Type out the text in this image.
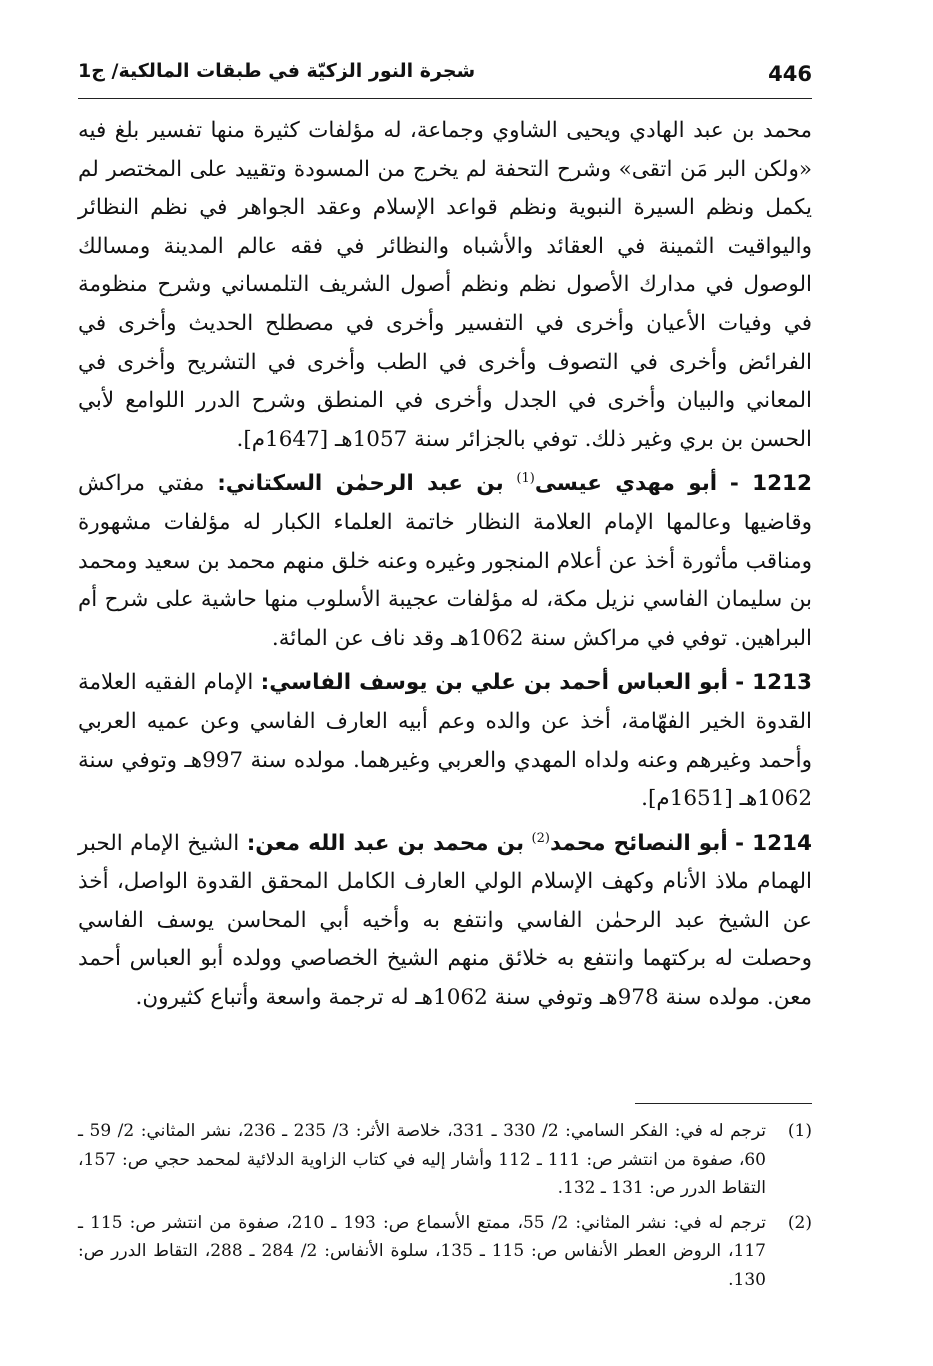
446
شجرة النور الزكيّة في طبقات المالكية/ ج1

محمد بن عبد الهادي ويحيى الشاوي وجماعة، له مؤلفات كثيرة منها تفسير بلغ فيه «ولكن البر مَن اتقى» وشرح التحفة لم يخرج من المسودة وتقييد على المختصر لم يكمل ونظم السيرة النبوية ونظم قواعد الإسلام وعقد الجواهر في نظم النظائر واليواقيت الثمينة في العقائد والأشباه والنظائر في فقه عالم المدينة ومسالك الوصول في مدارك الأصول نظم ونظم أصول الشريف التلمساني وشرح منظومة في وفيات الأعيان وأخرى في التفسير وأخرى في مصطلح الحديث وأخرى في الفرائض وأخرى في التصوف وأخرى في الطب وأخرى في التشريح وأخرى في المعاني والبيان وأخرى في الجدل وأخرى في المنطق وشرح الدرر اللوامع لأبي الحسن بن بري وغير ذلك. توفي بالجزائر سنة 1057هـ [1647م].

1212 - أبو مهدي عيسى$^{(1)}$ بن عبد الرحمٰن السكتاني: مفتي مراكش وقاضيها وعالمها الإمام العلامة النظار خاتمة العلماء الكبار له مؤلفات مشهورة ومناقب مأثورة أخذ عن أعلام المنجور وغيره وعنه خلق منهم محمد بن سعيد ومحمد بن سليمان الفاسي نزيل مكة، له مؤلفات عجيبة الأسلوب منها حاشية على شرح أم البراهين. توفي في مراكش سنة 1062هـ وقد ناف عن المائة.

1213 - أبو العباس أحمد بن علي بن يوسف الفاسي: الإمام الفقيه العلامة القدوة الخير الفهّامة، أخذ عن والده وعم أبيه العارف الفاسي وعن عميه العربي وأحمد وغيرهم وعنه ولداه المهدي والعربي وغيرهما. مولده سنة 997هـ وتوفي سنة 1062هـ [1651م].

1214 - أبو النصائح محمد$^{(2)}$ بن محمد بن عبد الله معن: الشيخ الإمام الحبر الهمام ملاذ الأنام وكهف الإسلام الولي العارف الكامل المحقق القدوة الواصل، أخذ عن الشيخ عبد الرحمٰن الفاسي وانتفع به وأخيه أبي المحاسن يوسف الفاسي وحصلت له بركتهما وانتفع به خلائق منهم الشيخ الخصاصي وولده أبو العباس أحمد معن. مولده سنة 978هـ وتوفي سنة 1062هـ له ترجمة واسعة وأتباع كثيرون.

(1)
ترجم له في: الفكر السامي: 2/ 330 ـ 331، خلاصة الأثر: 3/ 235 ـ 236، نشر المثاني: 2/ 59 ـ 60، صفوة من انتشر ص: 111 ـ 112 وأشار إليه في كتاب الزاوية الدلائية لمحمد حجي ص: 157، التقاط الدرر ص: 131 ـ 132.
(2)
ترجم له في: نشر المثاني: 2/ 55، ممتع الأسماع ص: 193 ـ 210، صفوة من انتشر ص: 115 ـ 117، الروض العطر الأنفاس ص: 115 ـ 135، سلوة الأنفاس: 2/ 284 ـ 288، التقاط الدرر ص: 130.
